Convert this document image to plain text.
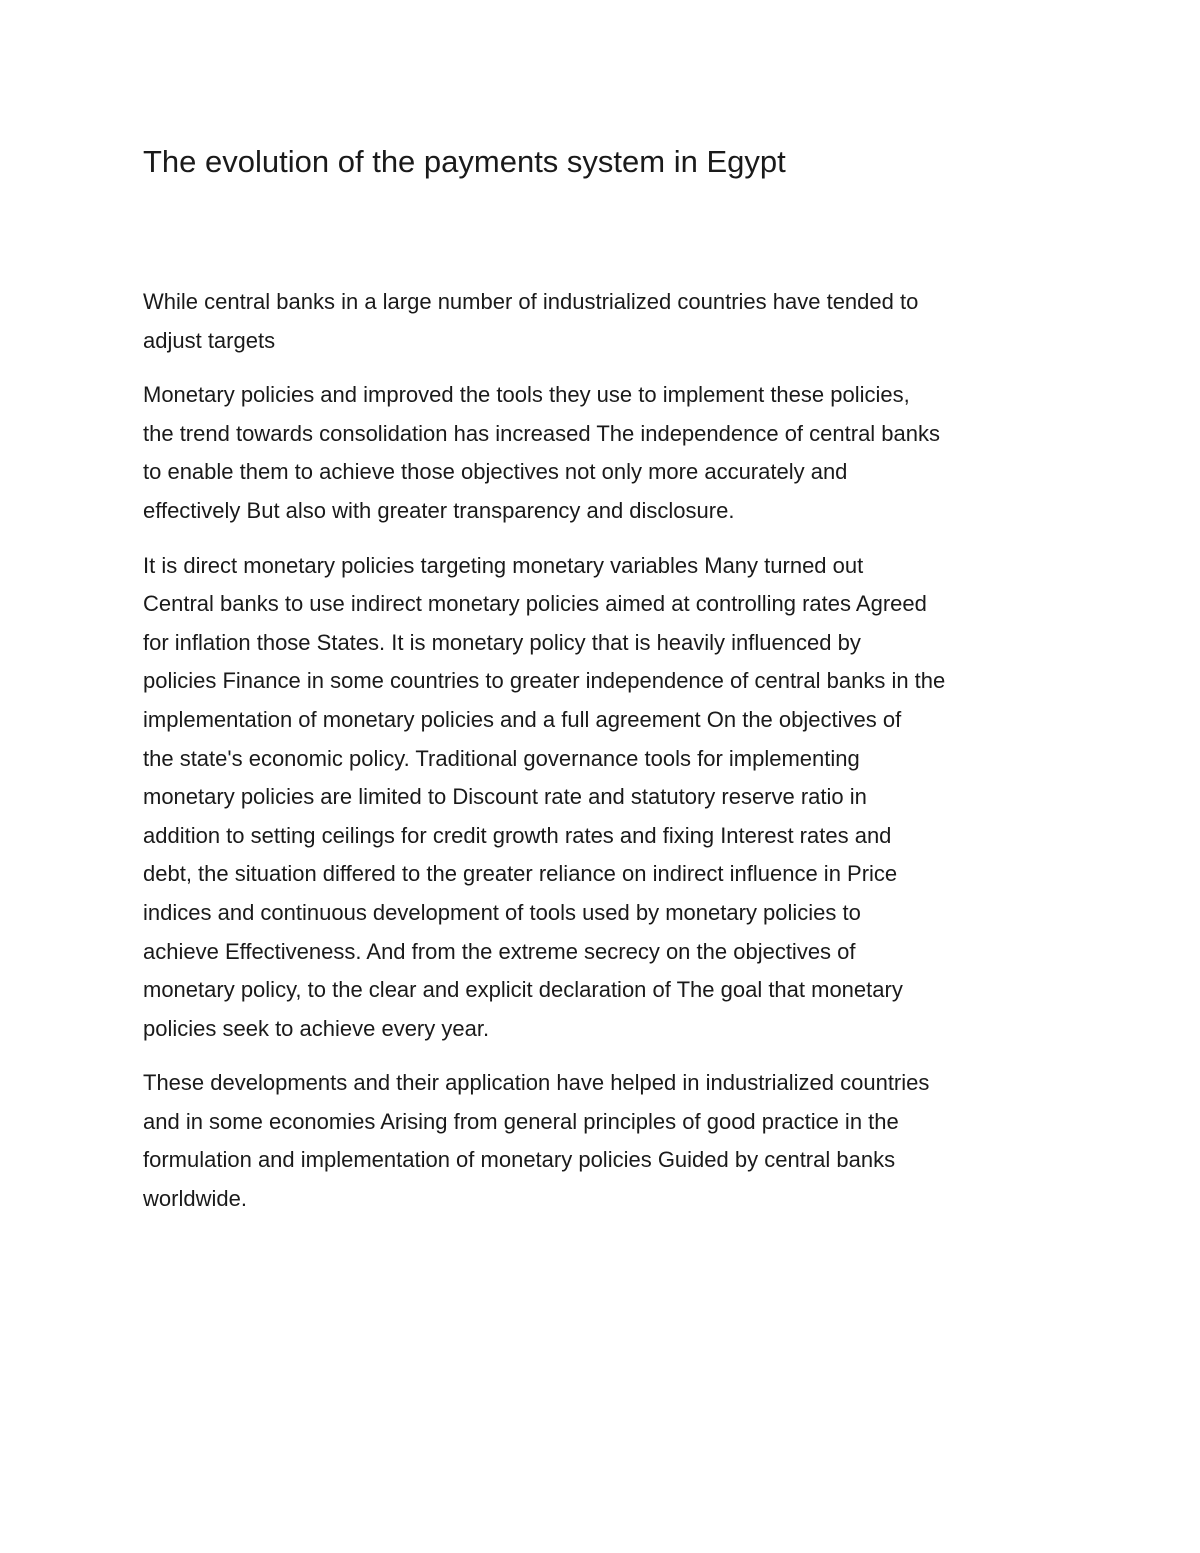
The evolution of the payments system in Egypt

While central banks in a large number of industrialized countries have tended to
adjust targets

Monetary policies and improved the tools they use to implement these policies,
the trend towards consolidation has increased The independence of central banks
to enable them to achieve those objectives not only more accurately and
effectively But also with greater transparency and disclosure.

It is direct monetary policies targeting monetary variables Many turned out
Central banks to use indirect monetary policies aimed at controlling rates Agreed
for inflation those States. It is monetary policy that is heavily influenced by
policies Finance in some countries to greater independence of central banks in the
implementation of monetary policies and a full agreement On the objectives of
the state's economic policy. Traditional governance tools for implementing
monetary policies are limited to Discount rate and statutory reserve ratio in
addition to setting ceilings for credit growth rates and fixing Interest rates and
debt, the situation differed to the greater reliance on indirect influence in Price
indices and continuous development of tools used by monetary policies to
achieve Effectiveness. And from the extreme secrecy on the objectives of
monetary policy, to the clear and explicit declaration of The goal that monetary
policies seek to achieve every year.

These developments and their application have helped in industrialized countries
and in some economies Arising from general principles of good practice in the
formulation and implementation of monetary policies Guided by central banks
worldwide.
